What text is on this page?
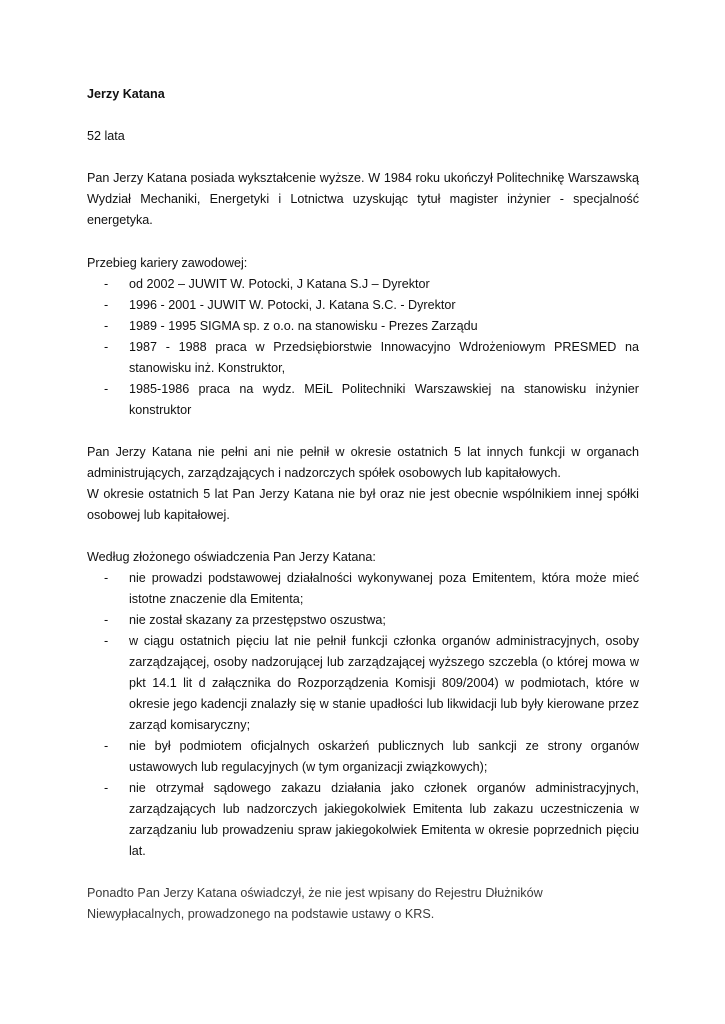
Jerzy Katana

52 lata

Pan Jerzy Katana posiada wykształcenie wyższe. W 1984 roku ukończył Politechnikę Warszawską Wydział Mechaniki, Energetyki i Lotnictwa uzyskując tytuł magister inżynier - specjalność energetyka.

Przebieg kariery zawodowej:

- od 2002 – JUWIT W. Potocki, J Katana S.J – Dyrektor
- 1996 - 2001 - JUWIT W. Potocki, J. Katana S.C. - Dyrektor
- 1989 - 1995 SIGMA sp. z o.o. na stanowisku - Prezes Zarządu
- 1987 - 1988 praca w Przedsiębiorstwie Innowacyjno Wdrożeniowym PRESMED na stanowisku inż. Konstruktor,
- 1985-1986 praca na wydz. MEiL Politechniki Warszawskiej na stanowisku inżynier konstruktor

Pan Jerzy Katana nie pełni ani nie pełnił w okresie ostatnich 5 lat innych funkcji w organach administrujących, zarządzających i nadzorczych spółek osobowych lub kapitałowych.

W okresie ostatnich 5 lat Pan Jerzy Katana nie był oraz nie jest obecnie wspólnikiem innej spółki osobowej lub kapitałowej.

Według złożonego oświadczenia Pan Jerzy Katana:

- nie prowadzi podstawowej działalności wykonywanej poza Emitentem, która może mieć istotne znaczenie dla Emitenta;
- nie został skazany za przestępstwo oszustwa;
- w ciągu ostatnich pięciu lat nie pełnił funkcji członka organów administracyjnych, osoby zarządzającej, osoby nadzorującej lub zarządzającej wyższego szczebla (o której mowa w pkt 14.1 lit d załącznika do Rozporządzenia Komisji 809/2004) w podmiotach, które w okresie jego kadencji znalazły się w stanie upadłości lub likwidacji lub były kierowane przez zarząd komisaryczny;
- nie był podmiotem oficjalnych oskarżeń publicznych lub sankcji ze strony organów ustawowych lub regulacyjnych (w tym organizacji związkowych);
- nie otrzymał sądowego zakazu działania jako członek organów administracyjnych, zarządzających lub nadzorczych jakiegokolwiek Emitenta lub zakazu uczestniczenia w zarządzaniu lub prowadzeniu spraw jakiegokolwiek Emitenta w okresie poprzednich pięciu lat.

Ponadto Pan Jerzy Katana oświadczył, że nie jest wpisany do Rejestru Dłużników Niewypłacalnych, prowadzonego na podstawie ustawy o KRS.
